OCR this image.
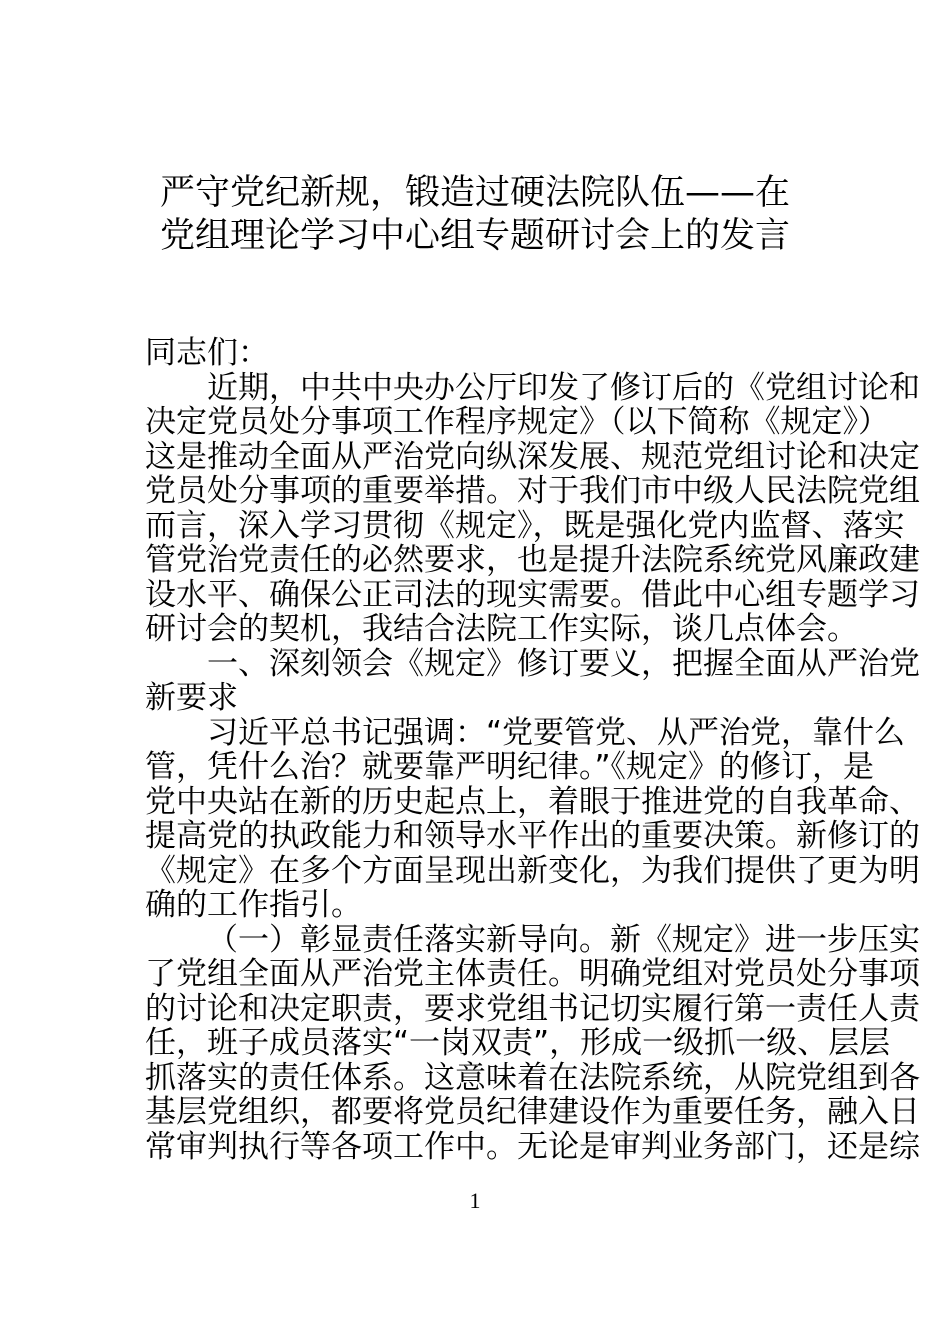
严守党纪新规，锻造过硬法院队伍——在
党组理论学习中心组专题研讨会上的发言
同志们：
近期，中共中央办公厅印发了修订后的《党组讨论和
决定党员处分事项工作程序规定》（以下简称《规定》）
这是推动全面从严治党向纵深发展、规范党组讨论和决定
党员处分事项的重要举措。对于我们市中级人民法院党组
而言，深入学习贯彻《规定》，既是强化党内监督、落实
管党治党责任的必然要求，也是提升法院系统党风廉政建
设水平、确保公正司法的现实需要。借此中心组专题学习
研讨会的契机，我结合法院工作实际，谈几点体会。
一、深刻领会《规定》修订要义，把握全面从严治党
新要求
习近平总书记强调：“党要管党、从严治党，靠什么
管，凭什么治？就要靠严明纪律。”《规定》的修订，是
党中央站在新的历史起点上，着眼于推进党的自我革命、
提高党的执政能力和领导水平作出的重要决策。新修订的
《规定》在多个方面呈现出新变化，为我们提供了更为明
确的工作指引。
（一）彰显责任落实新导向。新《规定》进一步压实
了党组全面从严治党主体责任。明确党组对党员处分事项
的讨论和决定职责，要求党组书记切实履行第一责任人责
任，班子成员落实“一岗双责”，形成一级抓一级、层层
抓落实的责任体系。这意味着在法院系统，从院党组到各
基层党组织，都要将党员纪律建设作为重要任务，融入日
常审判执行等各项工作中。无论是审判业务部门，还是综
1
